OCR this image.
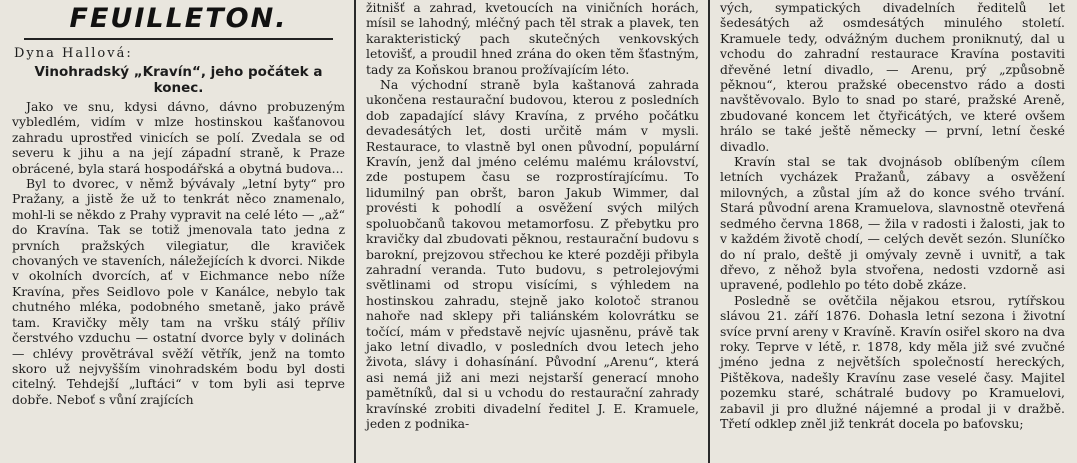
FEUILLETON.
Dyna Hallová:
Vinohradský „Kravín“, jeho počátek a konec.

Jako ve snu, kdysi dávno, dávno probuzeným vybledlém, vidím v mlze hostinskou kašťanovou zahradu uprostřed vinicích se polí. Zvedala se od severu k jihu a na její západní straně, k Praze obrácené, byla stará hospodářská a obytná budova...

Byl to dvorec, v němž bývávaly „letní byty“ pro Pražany, a jistě že už to tenkrát něco znamenalo, mohl-li se někdo z Prahy vypravit na celé léto — „až“ do Kravína. Tak se totiž jmenovala tato jedna z prvních pražských vilegiatur, dle kraviček chovaných ve staveních, náležejících k dvorci. Nikde v okolních dvorcích, ať v Eichmance nebo níže Kravína, přes Seidlovo pole v Kanálce, nebylo tak chutného mléka, podobného smetaně, jako právě tam. Kravičky měly tam na vršku stálý příliv čerstvého vzduchu — ostatní dvorce byly v dolinách — chlévy provětrával svěží větřík, jenž na tomto skoro už nejvyšším vinohradském bodu byl dosti citelný. Tehdejší „luftáci“ v tom byli asi teprve dobře. Neboť s vůní zrajících

žitnišť a zahrad, kvetoucích na viničních horách, mísil se lahodný, mléčný pach těl strak a plavek, ten karakteristický pach skutečných venkovských letovišť, a proudil hned zrána do oken těm šťastným, tady za Koňskou branou prožívajícím léto.

Na východní straně byla kaštanová zahrada ukončena restaurační budovou, kterou z posledních dob zapadající slávy Kravína, z prvého počátku devadesátých let, dosti určitě mám v mysli. Restaurace, to vlastně byl onen původní, populární Kravín, jenž dal jméno celému malému království, zde postupem času se rozprostírajícímu. To lidumilný pan obršt, baron Jakub Wimmer, dal provésti k pohodlí a osvěžení svých milých spoluobčanů takovou metamorfosu. Z přebytku pro kravičky dal zbudovati pěknou, restaurační budovu s barokní, prejzovou střechou ke které později přibyla zahradní veranda. Tuto budovu, s petrolejovými světlinami od stropu visícími, s výhledem na hostinskou zahradu, stejně jako kolotoč stranou nahoře nad sklepy při taliánském kolovrátku se točící, mám v představě nejvíc ujasněnu, právě tak jako letní divadlo, v posledních dvou letech jeho života, slávy i dohasínání. Původní „Arenu“, která asi nemá již ani mezi nejstarší generací mnoho pamětníků, dal si u vchodu do restaurační zahrady kravínské zrobiti divadelní ředitel J. E. Kramuele, jeden z podnika-

vých, sympatických divadelních ředitelů let šedesátých až osmdesátých minulého století. Kramuele tedy, odvážným duchem proniknutý, dal u vchodu do zahradní restaurace Kravína postaviti dřevěné letní divadlo, — Arenu, prý „způsobně pěknou“, kterou pražské obecenstvo rádo a dosti navštěvovalo. Bylo to snad po staré, pražské Areně, zbudované koncem let čtyřicátých, ve které ovšem hrálo se také ještě německy — první, letní české divadlo.

Kravín stal se tak dvojnásob oblíbeným cílem letních vycházek Pražanů, zábavy a osvěžení milovných, a zůstal jím až do konce svého trvání. Stará původní arena Kramuelova, slavnostně otevřená sedmého června 1868, — žila v radosti i žalosti, jak to v každém životě chodí, — celých devět sezón. Sluníčko do ní pralo, deště ji omývaly zevně i uvnitř, a tak dřevo, z něhož byla stvořena, nedosti vzdorně asi upravené, podlehlo po této době zkáze.

Posledně se ovětčila nějakou etsrou, rytířskou slávou 21. září 1876. Dohasla letní sezona i životní svíce první areny v Kravíně. Kravín osiřel skoro na dva roky. Teprve v létě, r. 1878, kdy měla již své zvučné jméno jedna z největších společností hereckých, Pištěkova, nadešly Kravínu zase veselé časy. Majitel pozemku staré, schátralé budovy po Kramuelovi, zabavil ji pro dlužné nájemné a prodal ji v dražbě. Třetí odklep zněl již tenkrát docela po baťovsku;
